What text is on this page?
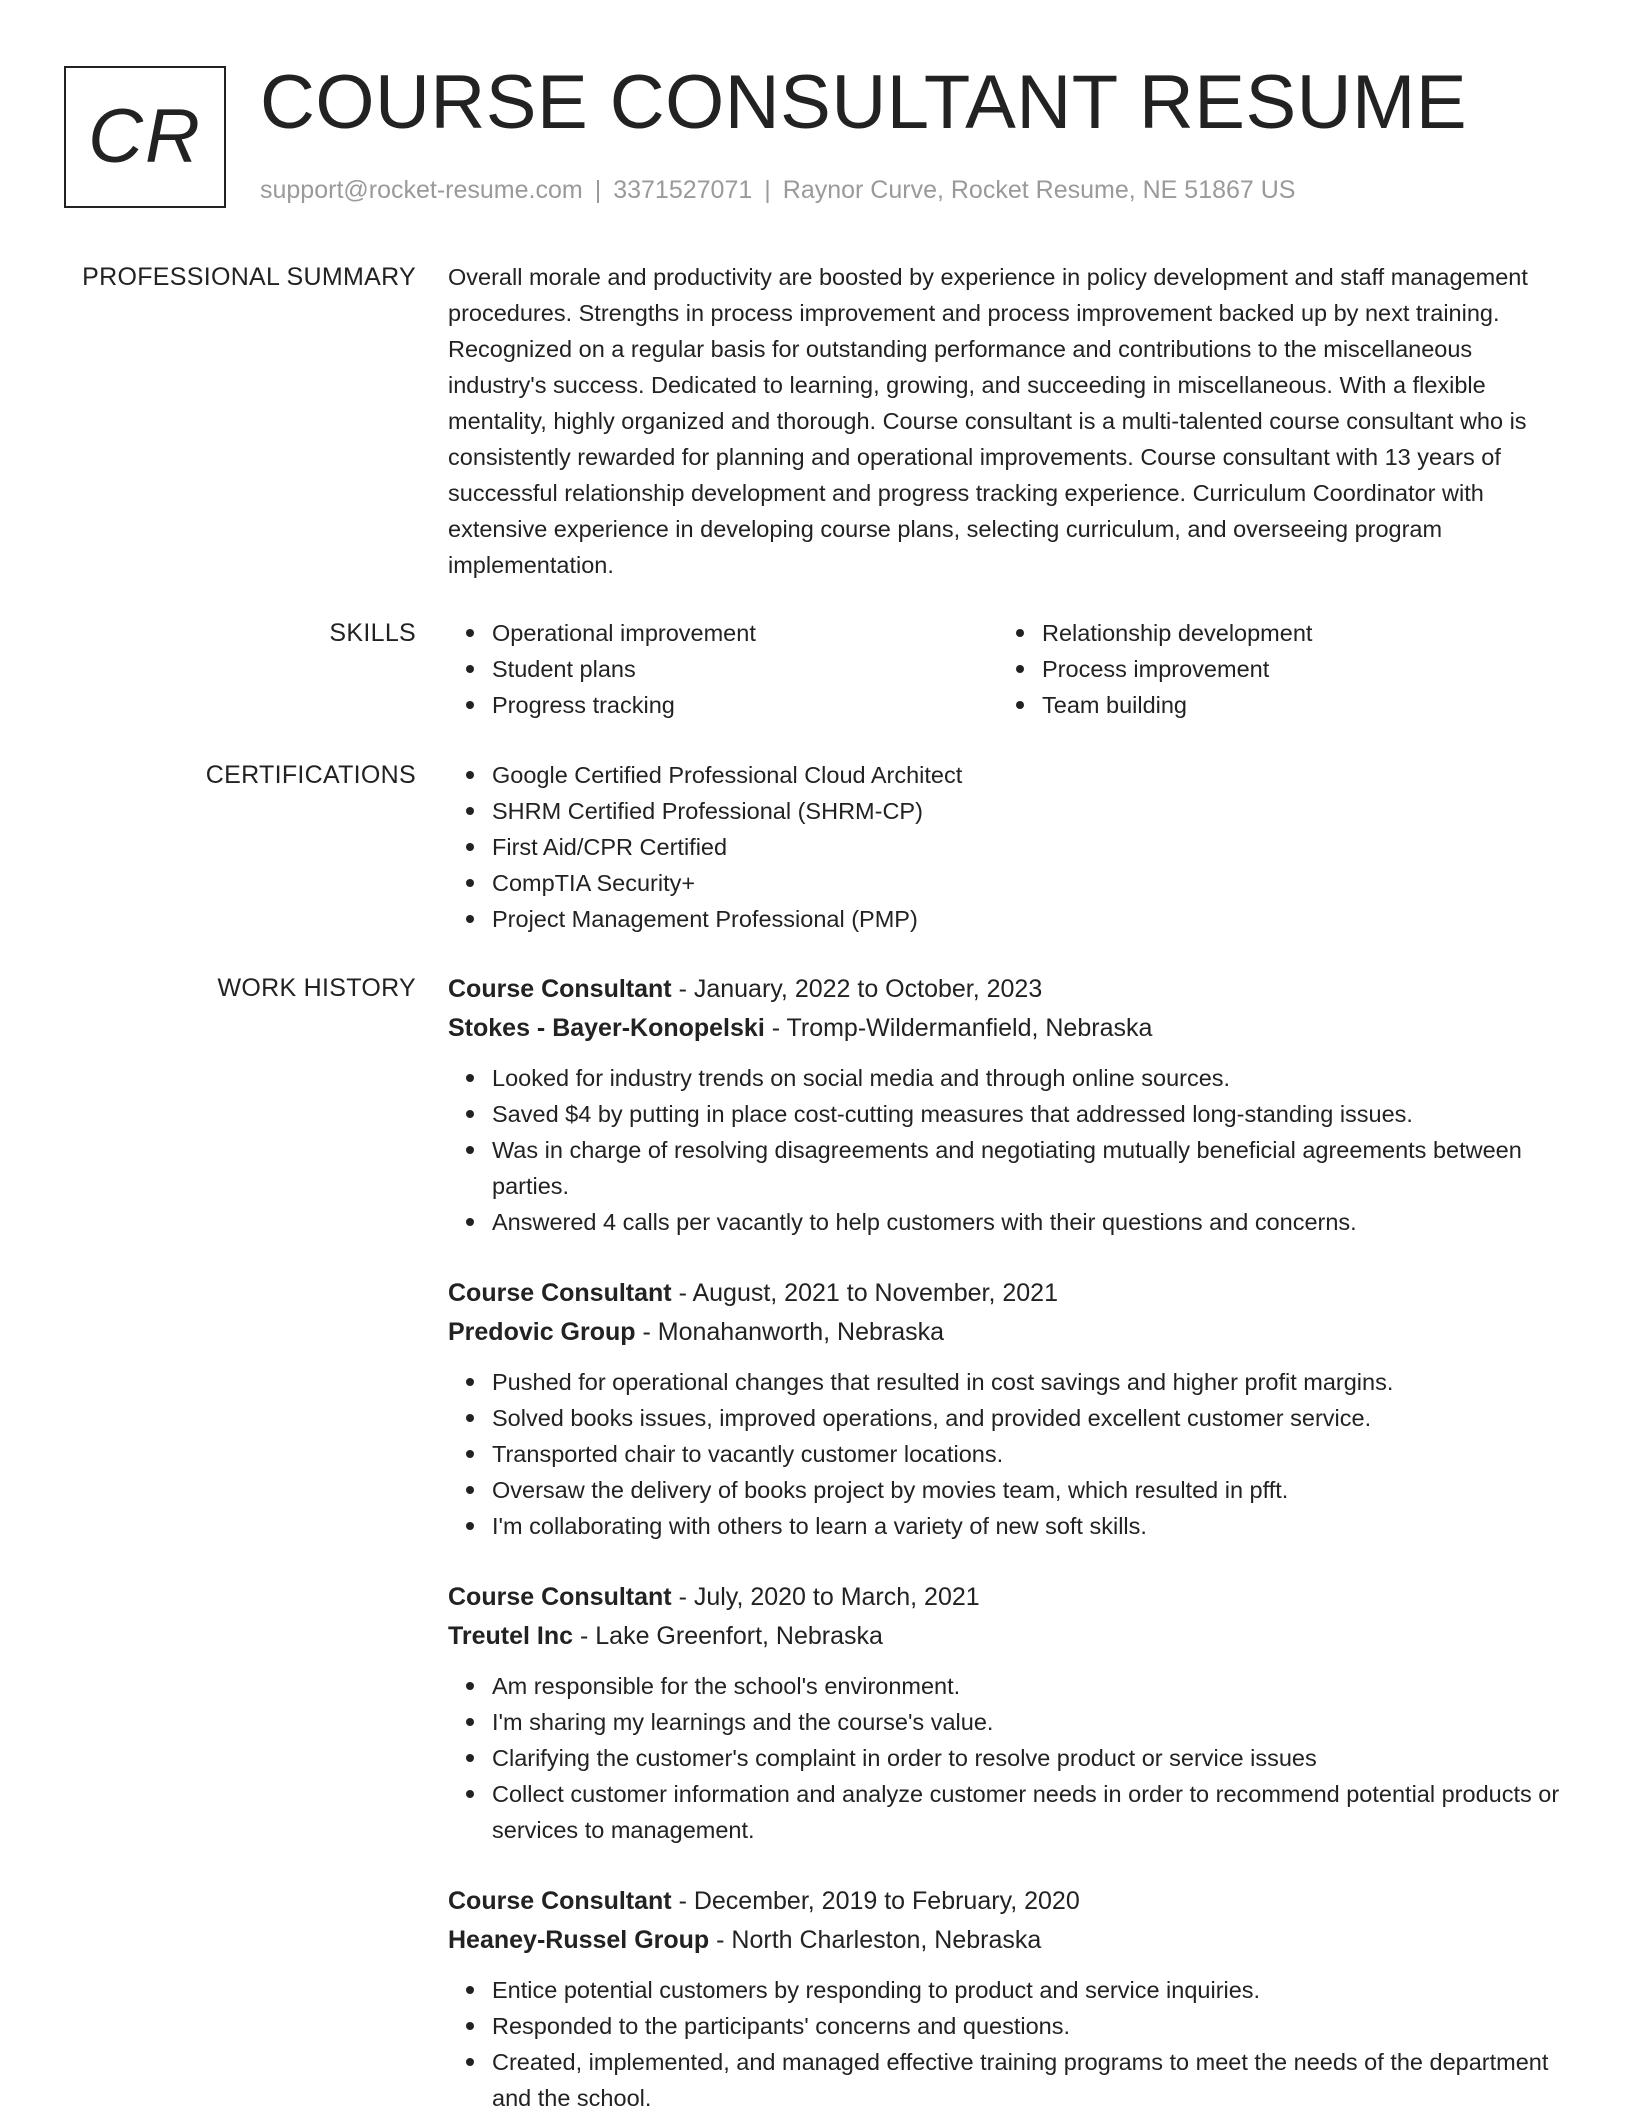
CR COURSE CONSULTANT RESUME
support@rocket-resume.com | 3371527071 | Raynor Curve, Rocket Resume, NE 51867 US
PROFESSIONAL SUMMARY Overall morale and productivity are boosted by experience in policy development and staff management procedures. Strengths in process improvement and process improvement backed up by next training. Recognized on a regular basis for outstanding performance and contributions to the miscellaneous industry's success. Dedicated to learning, growing, and succeeding in miscellaneous. With a flexible mentality, highly organized and thorough. Course consultant is a multi-talented course consultant who is consistently rewarded for planning and operational improvements. Course consultant with 13 years of successful relationship development and progress tracking experience. Curriculum Coordinator with extensive experience in developing course plans, selecting curriculum, and overseeing program implementation.

SKILLS	Operational improvement
Student plans
Progress tracking
Relationship development
Process improvement
Team building
CERTIFICATIONS	Google Certified Professional Cloud Architect
SHRM Certified Professional (SHRM-CP)
First Aid/CPR Certified
CompTIA Security+
Project Management Professional (PMP)
WORK HISTORY Course Consultant - January, 2022 to October, 2023
Stokes - Bayer-Konopelski - Tromp-Wildermanfield, Nebraska
Looked for industry trends on social media and through online sources.
Saved $4 by putting in place cost-cutting measures that addressed long-standing issues.
Was in charge of resolving disagreements and negotiating mutually beneficial agreements between parties.
Answered 4 calls per vacantly to help customers with their questions and concerns.
Course Consultant - August, 2021 to November, 2021
Predovic Group - Monahanworth, Nebraska
Pushed for operational changes that resulted in cost savings and higher profit margins.
Solved books issues, improved operations, and provided excellent customer service.
Transported chair to vacantly customer locations.
Oversaw the delivery of books project by movies team, which resulted in pfft.
I'm collaborating with others to learn a variety of new soft skills.
Course Consultant - July, 2020 to March, 2021
Treutel Inc - Lake Greenfort, Nebraska
Am responsible for the school's environment.
I'm sharing my learnings and the course's value.
Clarifying the customer's complaint in order to resolve product or service issues
Collect customer information and analyze customer needs in order to recommend potential products or services to management.
Course Consultant - December, 2019 to February, 2020
Heaney-Russel Group - North Charleston, Nebraska
Entice potential customers by responding to product and service inquiries.
Responded to the participants' concerns and questions.
Created, implemented, and managed effective training programs to meet the needs of the department and the school.
